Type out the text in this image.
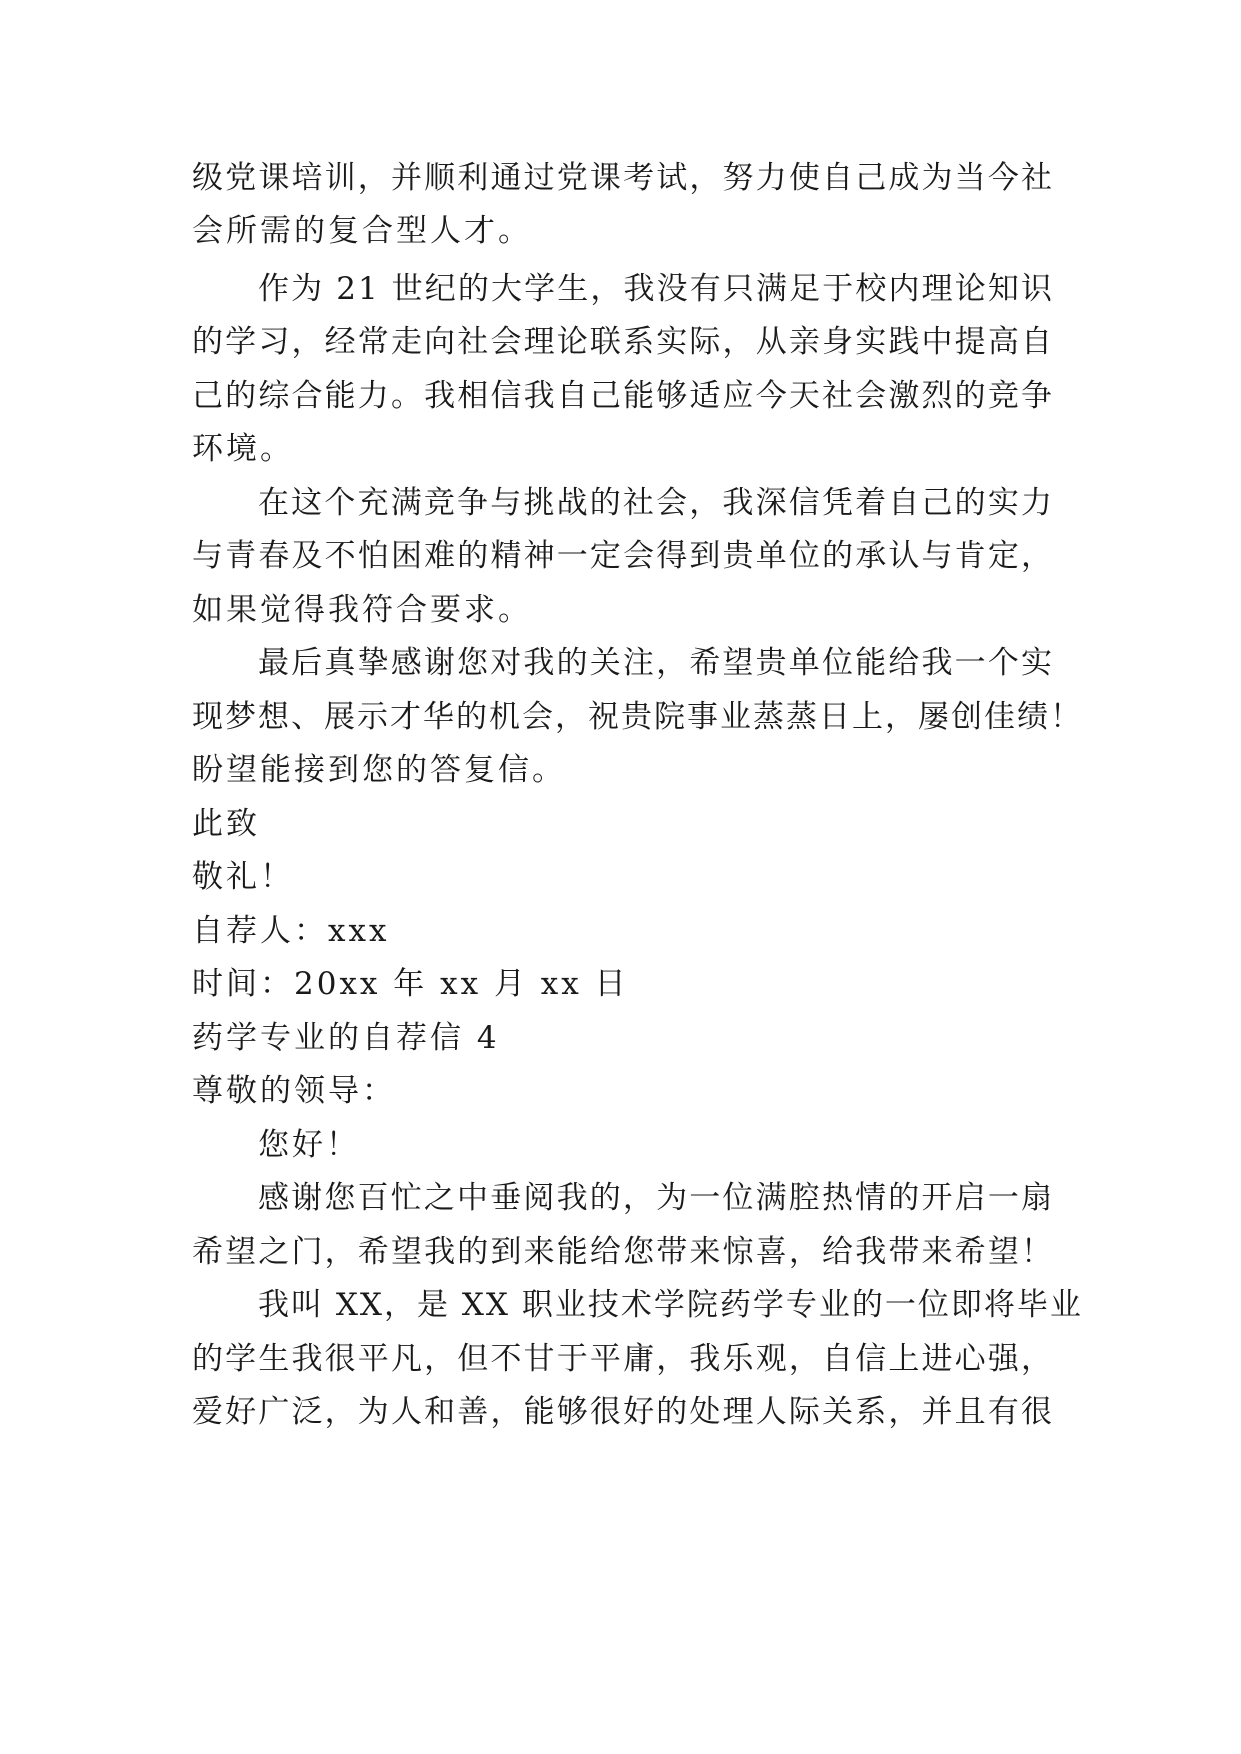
级党课培训，并顺利通过党课考试，努力使自己成为当今社
会所需的复合型人才。
作为 21 世纪的大学生，我没有只满足于校内理论知识
的学习，经常走向社会理论联系实际，从亲身实践中提高自
己的综合能力。我相信我自己能够适应今天社会激烈的竞争
环境。
在这个充满竞争与挑战的社会，我深信凭着自己的实力
与青春及不怕困难的精神一定会得到贵单位的承认与肯定，
如果觉得我符合要求。
最后真挚感谢您对我的关注，希望贵单位能给我一个实
现梦想、展示才华的机会，祝贵院事业蒸蒸日上，屡创佳绩！
盼望能接到您的答复信。
此致
敬礼！
自荐人：xxx
时间：20xx 年 xx 月 xx 日
药学专业的自荐信 4
尊敬的领导：
您好！
感谢您百忙之中垂阅我的，为一位满腔热情的开启一扇
希望之门，希望我的到来能给您带来惊喜，给我带来希望！
我叫 XX，是 XX 职业技术学院药学专业的一位即将毕业
的学生我很平凡，但不甘于平庸，我乐观，自信上进心强，
爱好广泛，为人和善，能够很好的处理人际关系，并且有很
